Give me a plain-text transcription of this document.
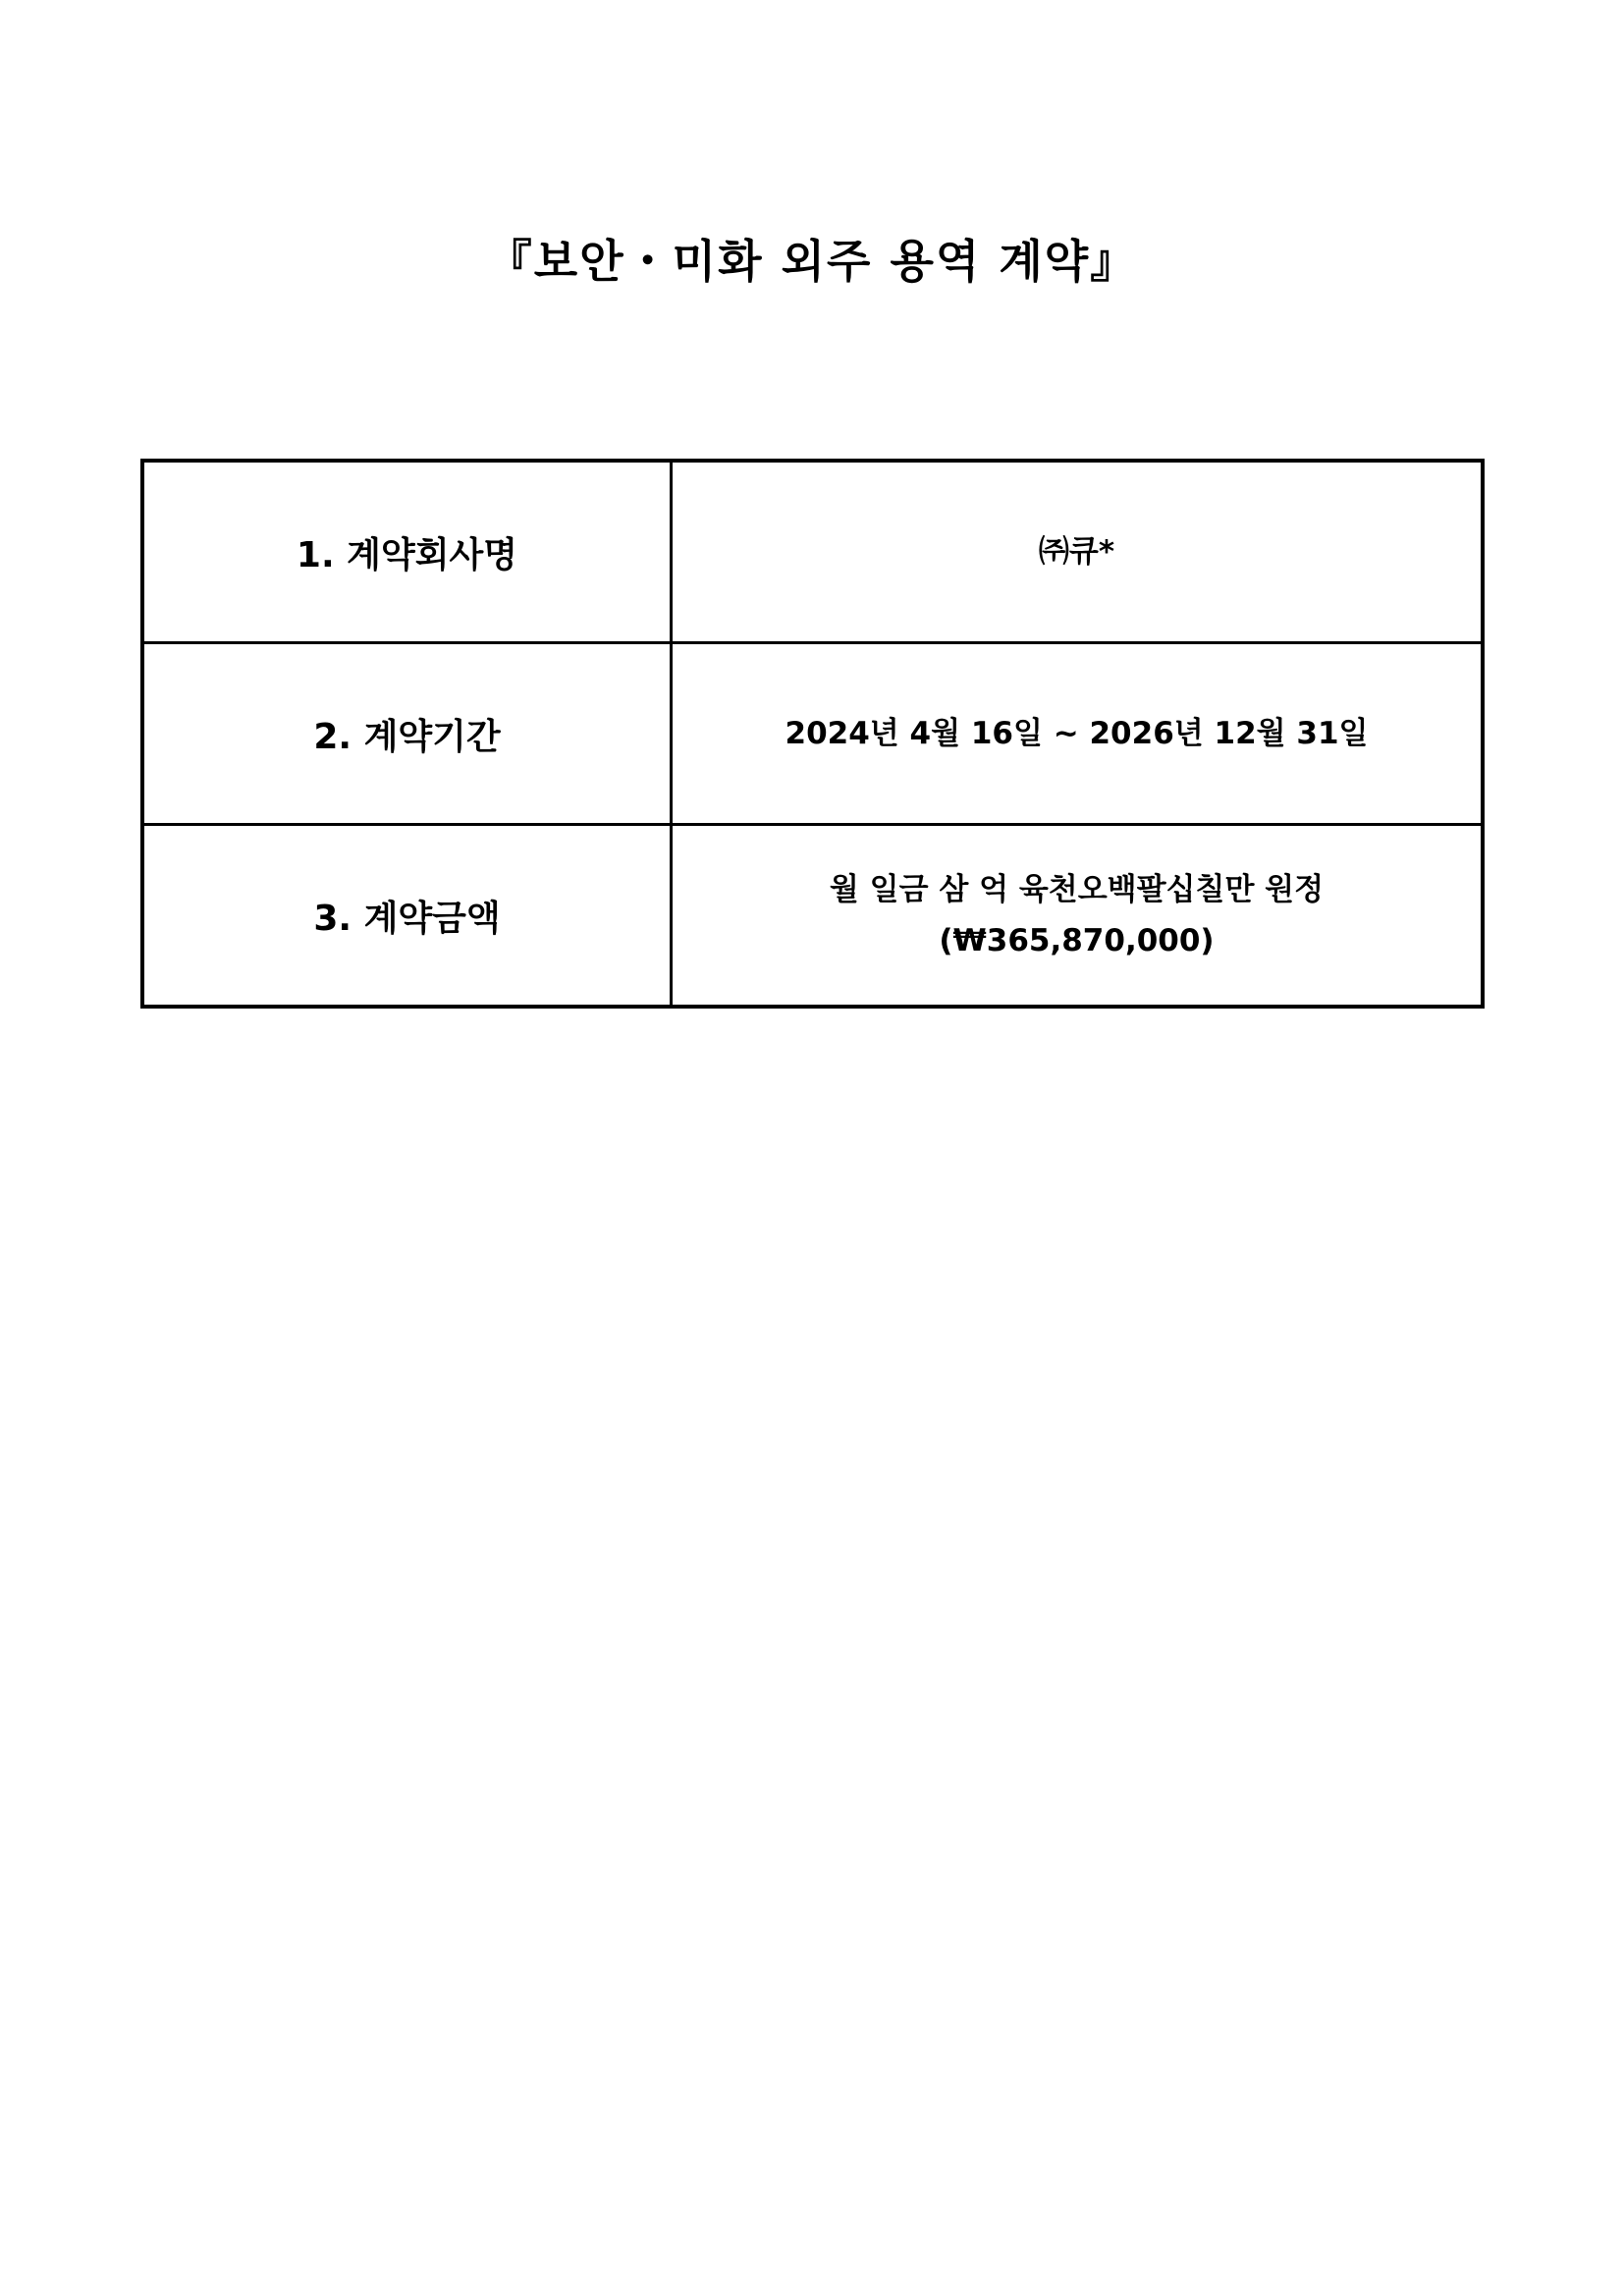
『보안・미화 외주 용역 계약』
1. 계약회사명	㈜큐*
2. 계약기간	2024년 4월 16일 ~ 2026년 12월 31일
3. 계약금액	월 일금 삼 억 육천오백팔십칠만 원정
(₩365,870,000)
